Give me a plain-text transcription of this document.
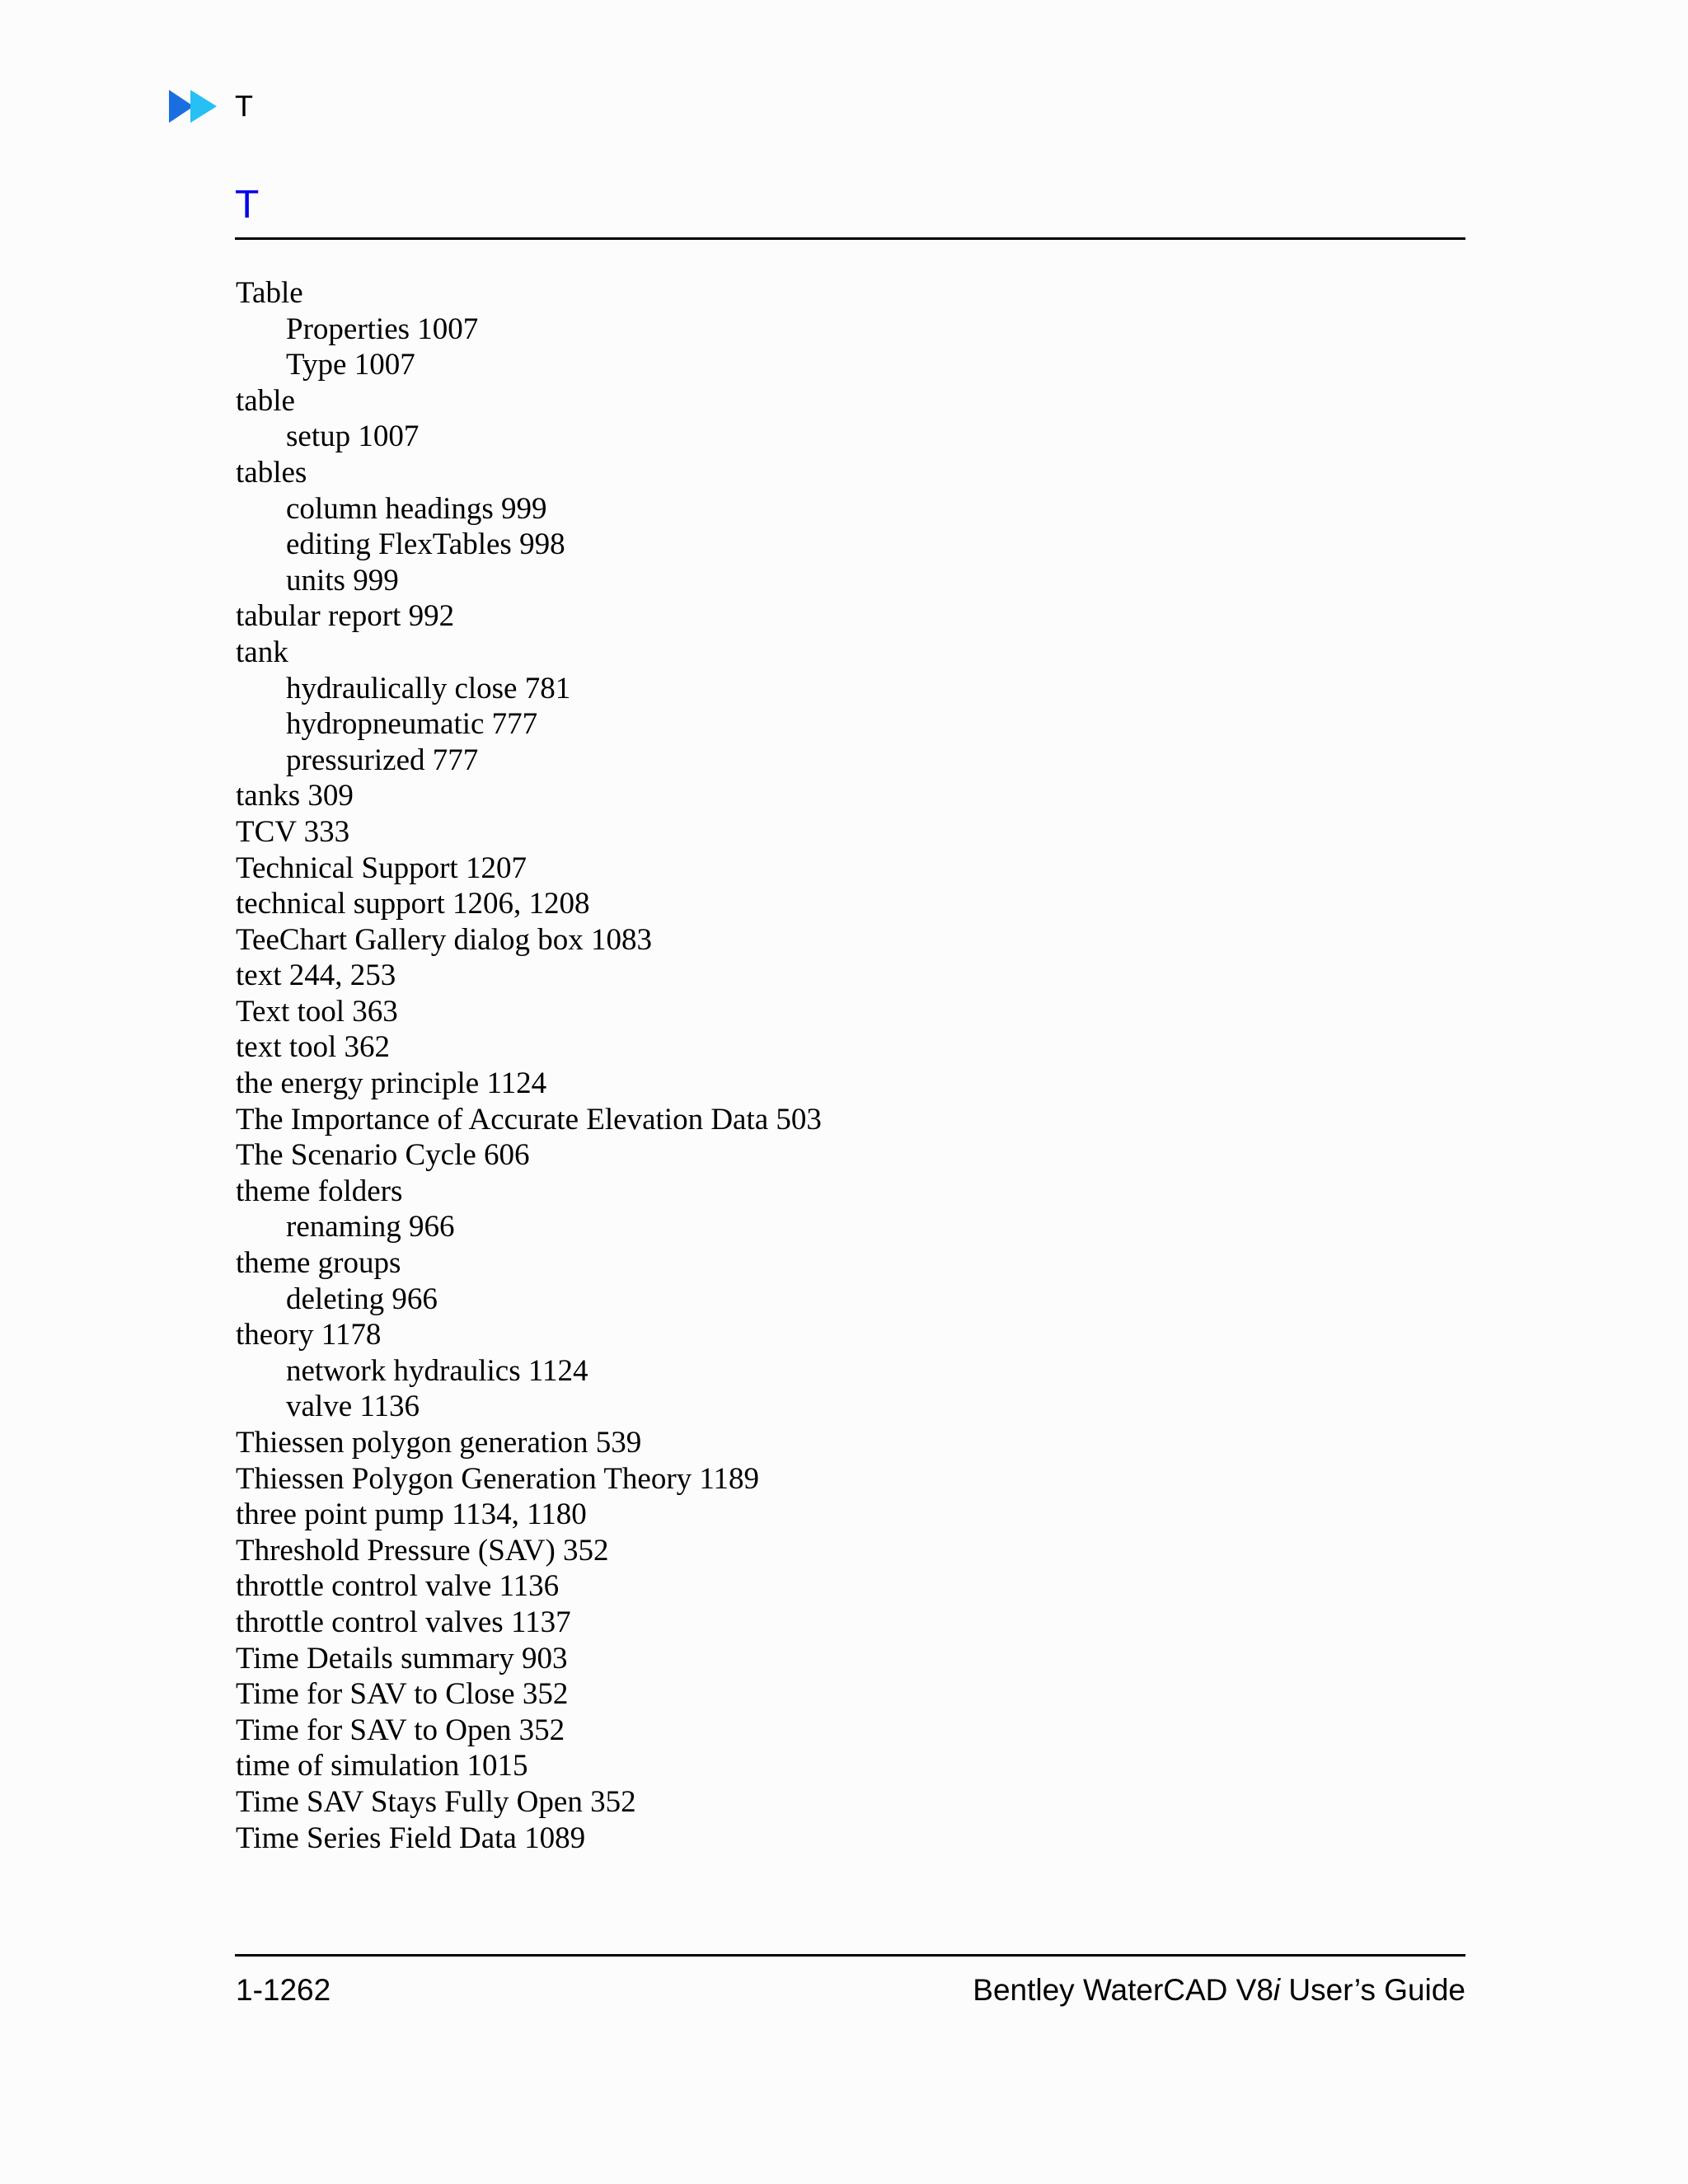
T
T
Table
Properties 1007
Type 1007
table
setup 1007
tables
column headings 999
editing FlexTables 998
units 999
tabular report 992
tank
hydraulically close 781
hydropneumatic 777
pressurized 777
tanks 309
TCV 333
Technical Support 1207
technical support 1206, 1208
TeeChart Gallery dialog box 1083
text 244, 253
Text tool 363
text tool 362
the energy principle 1124
The Importance of Accurate Elevation Data 503
The Scenario Cycle 606
theme folders
renaming 966
theme groups
deleting 966
theory 1178
network hydraulics 1124
valve 1136
Thiessen polygon generation 539
Thiessen Polygon Generation Theory 1189
three point pump 1134, 1180
Threshold Pressure (SAV) 352
throttle control valve 1136
throttle control valves 1137
Time Details summary 903
Time for SAV to Close 352
Time for SAV to Open 352
time of simulation 1015
Time SAV Stays Fully Open 352
Time Series Field Data 1089
1-1262	Bentley WaterCAD V8i User’s Guide
